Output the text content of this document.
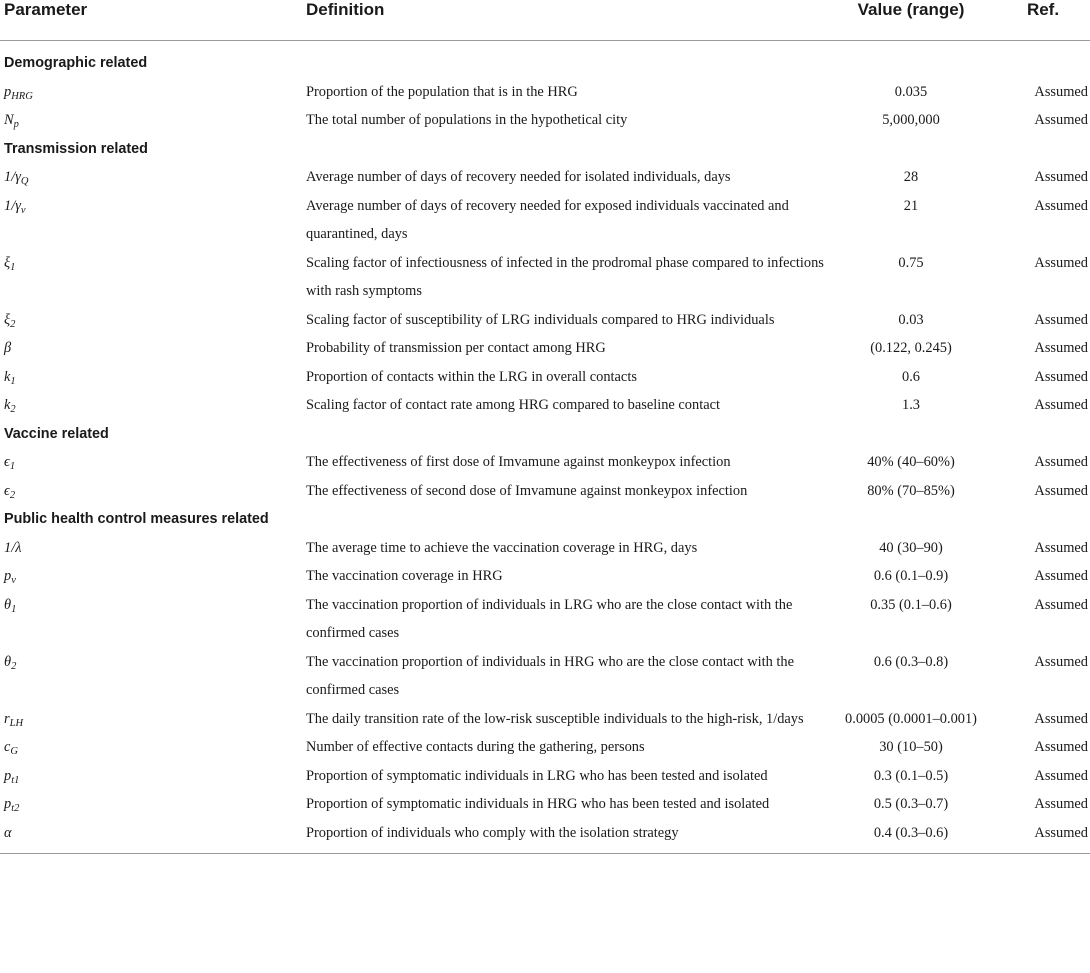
Parameter	Definition	Value (range)	Ref.
Demographic related			
$p_{HRG}$	Proportion of the population that is in the HRG	0.035	Assumed
$N_p$	The total number of populations in the hypothetical city	5,000,000	Assumed
Transmission related			
$1/\gamma_Q$	Average number of days of recovery needed for isolated individuals, days	28	Assumed
$1/\gamma_\nu$	Average number of days of recovery needed for exposed individuals vaccinated and quarantined, days	21	Assumed
$\xi_1$	Scaling factor of infectiousness of infected in the prodromal phase compared to infections with rash symptoms	0.75	Assumed
$\xi_2$	Scaling factor of susceptibility of LRG individuals compared to HRG individuals	0.03	Assumed
β	Probability of transmission per contact among HRG	(0.122, 0.245)	Assumed
$k_1$	Proportion of contacts within the LRG in overall contacts	0.6	Assumed
$k_2$	Scaling factor of contact rate among HRG compared to baseline contact	1.3	Assumed
Vaccine related			
$\epsilon_1$	The effectiveness of first dose of Imvamune against monkeypox infection	40% (40–60%)	Assumed
$\epsilon_2$	The effectiveness of second dose of Imvamune against monkeypox infection	80% (70–85%)	Assumed
Public health control measures related			
1/λ	The average time to achieve the vaccination coverage in HRG, days	40 (30–90)	Assumed
$p_\nu$	The vaccination coverage in HRG	0.6 (0.1–0.9)	Assumed
$\theta_1$	The vaccination proportion of individuals in LRG who are the close contact with the confirmed cases	0.35 (0.1–0.6)	Assumed
$\theta_2$	The vaccination proportion of individuals in HRG who are the close contact with the confirmed cases	0.6 (0.3–0.8)	Assumed
$r_{LH}$	The daily transition rate of the low-risk susceptible individuals to the high-risk, 1/days	0.0005 (0.0001–0.001)	Assumed
$c_G$	Number of effective contacts during the gathering, persons	30 (10–50)	Assumed
$p_{t1}$	Proportion of symptomatic individuals in LRG who has been tested and isolated	0.3 (0.1–0.5)	Assumed
$p_{t2}$	Proportion of symptomatic individuals in HRG who has been tested and isolated	0.5 (0.3–0.7)	Assumed
α	Proportion of individuals who comply with the isolation strategy	0.4 (0.3–0.6)	Assumed
